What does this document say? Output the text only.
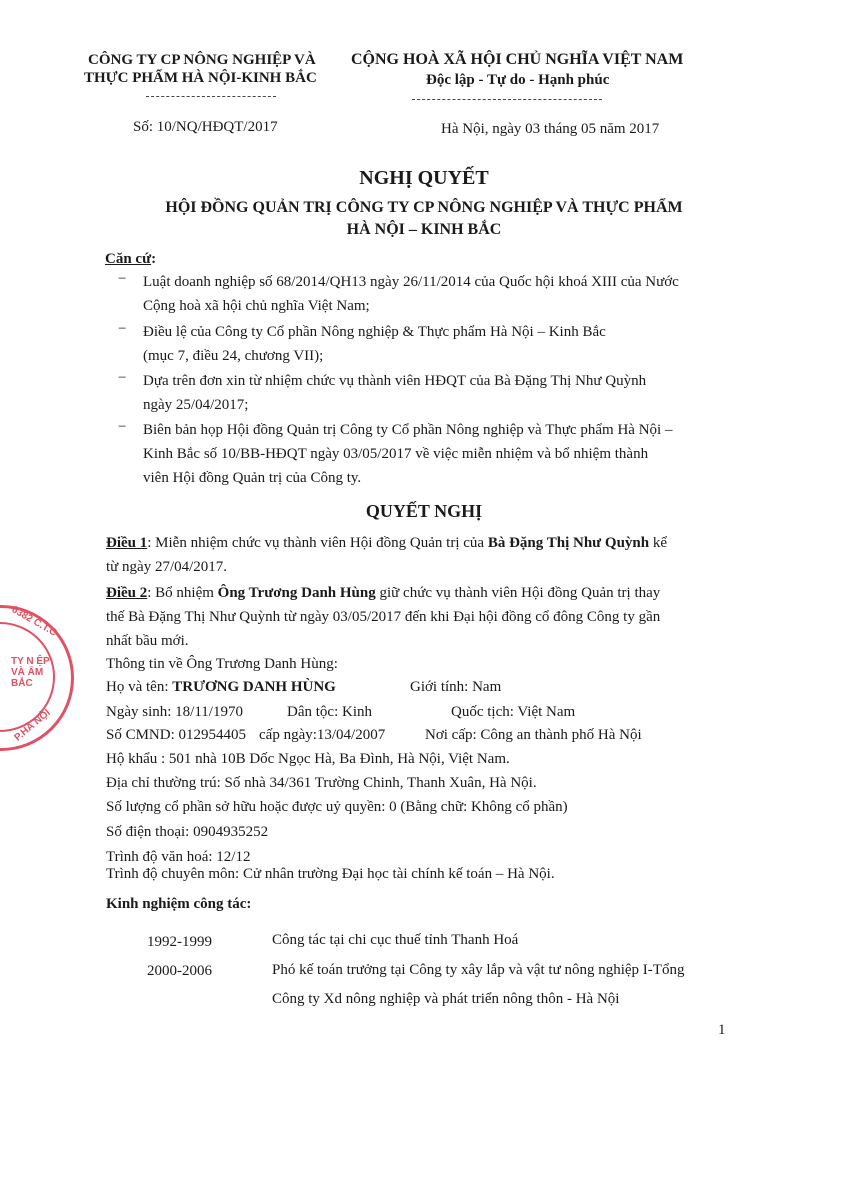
CÔNG TY CP NÔNG NGHIỆP VÀ
THỰC PHẨM HÀ NỘI-KINH BẮC
CỘNG HOÀ XÃ HỘI CHỦ NGHĨA VIỆT NAM
Độc lập - Tự do - Hạnh phúc
Số: 10/NQ/HĐQT/2017	Hà Nội, ngày 03 tháng 05 năm 2017
NGHỊ QUYẾT
HỘI ĐỒNG QUẢN TRỊ CÔNG TY CP NÔNG NGHIỆP VÀ THỰC PHẨM
HÀ NỘI – KINH BẮC
Căn cứ:
− Luật doanh nghiệp số 68/2014/QH13 ngày 26/11/2014 của Quốc hội khoá XIII của Nước
Cộng hoà xã hội chủ nghĩa Việt Nam;
− Điều lệ của Công ty Cổ phần Nông nghiệp & Thực phẩm Hà Nội – Kinh Bắc
(mục 7, điều 24, chương VII);
− Dựa trên đơn xin từ nhiệm chức vụ thành viên HĐQT của Bà Đặng Thị Như Quỳnh
ngày 25/04/2017;
− Biên bản họp Hội đồng Quản trị Công ty Cổ phần Nông nghiệp và Thực phẩm Hà Nội –
Kinh Bắc số 10/BB-HĐQT ngày 03/05/2017 về việc miễn nhiệm và bổ nhiệm thành
viên Hội đồng Quản trị của Công ty.
QUYẾT NGHỊ
Điều 1: Miễn nhiệm chức vụ thành viên Hội đồng Quản trị của Bà Đặng Thị Như Quỳnh kể
từ ngày 27/04/2017.
Điều 2: Bổ nhiệm Ông Trương Danh Hùng giữ chức vụ thành viên Hội đồng Quản trị thay
thế Bà Đặng Thị Như Quỳnh từ ngày 03/05/2017 đến khi Đại hội đồng cổ đông Công ty gần
nhất bầu mới.
Thông tin về Ông Trương Danh Hùng:
Họ và tên: TRƯƠNG DANH HÙNG	Giới tính: Nam
Ngày sinh: 18/11/1970	Dân tộc: Kinh	Quốc tịch: Việt Nam
Số CMND: 012954405 cấp ngày:13/04/2007	Nơi cấp: Công an thành phố Hà Nội
Hộ khẩu : 501 nhà 10B Dốc Ngọc Hà, Ba Đình, Hà Nội, Việt Nam.
Địa chỉ thường trú: Số nhà 34/361 Trường Chinh, Thanh Xuân, Hà Nội.
Số lượng cổ phần sở hữu hoặc được uỷ quyền: 0 (Bằng chữ: Không cổ phần)
Số điện thoại: 0904935252
Trình độ văn hoá: 12/12
Trình độ chuyên môn: Cử nhân trường Đại học tài chính kế toán – Hà Nội.
Kinh nghiệm công tác:
1992-1999	Công tác tại chi cục thuế tỉnh Thanh Hoá
2000-2006	Phó kế toán trưởng tại Công ty xây lắp và vật tư nông nghiệp I-Tổng
Công ty Xd nông nghiệp và phát triển nông thôn - Hà Nội
1
6382 C.T.C
TY N ỆP VÀ ẨM BẮC
P.HÀ NỘI
